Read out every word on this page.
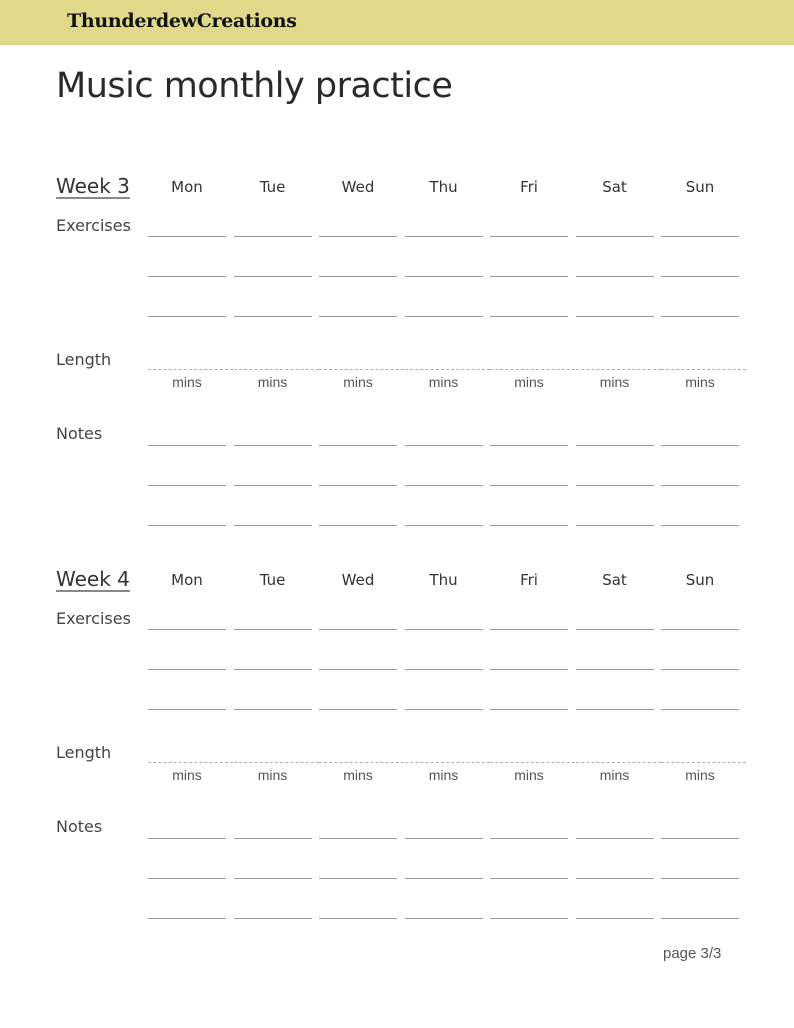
ThunderdewCreations
Music monthly practice
Week 3	Mon	Tue	Wed	Thu	Fri	Sat	Sun
Exercises
Length
mins	mins	mins	mins	mins	mins	mins
Notes
Week 4	Mon	Tue	Wed	Thu	Fri	Sat	Sun
Exercises
Length
mins	mins	mins	mins	mins	mins	mins
Notes
page 3/3
